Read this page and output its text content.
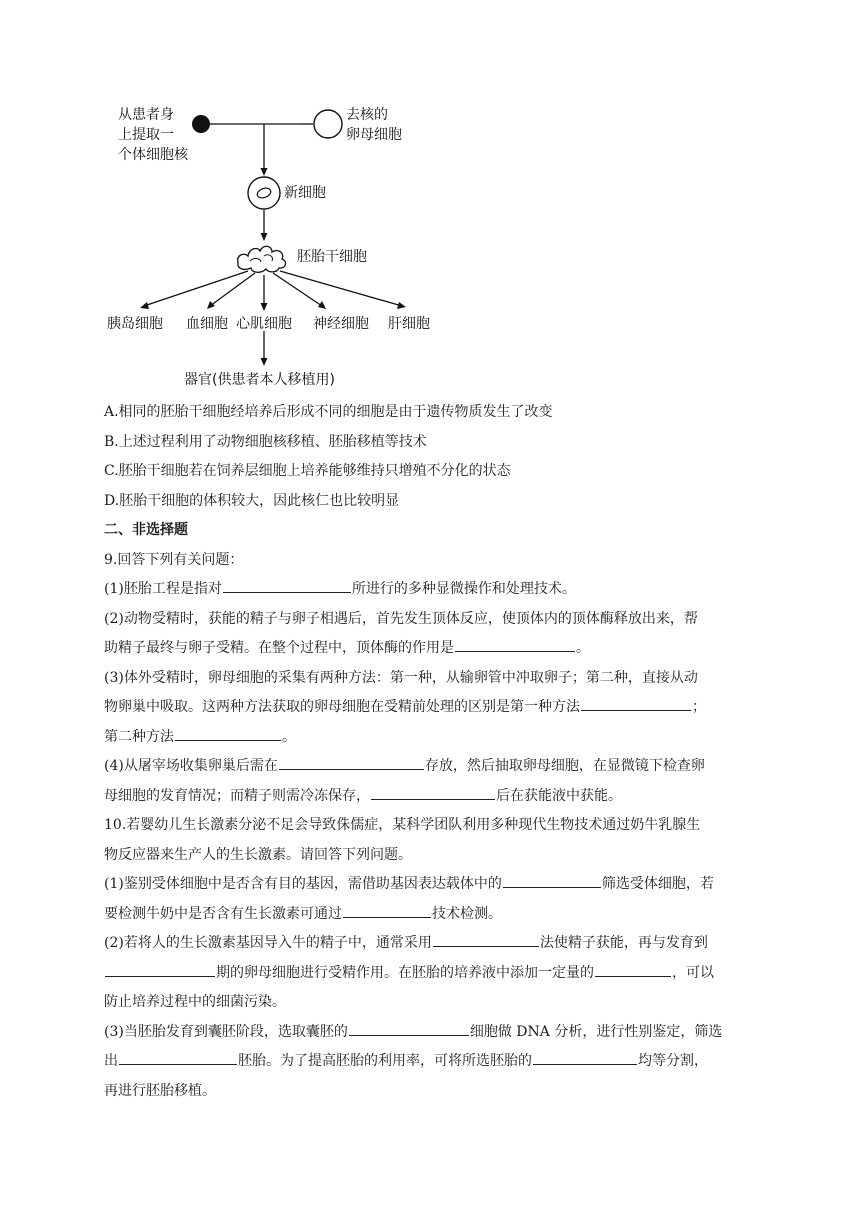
从患者身
上提取一
个体细胞核
去核的
卵母细胞
新细胞
胚胎干细胞
胰岛细胞 血细胞 心肌细胞 神经细胞 肝细胞
器官(供患者本人移植用)

A.相同的胚胎干细胞经培养后形成不同的细胞是由于遗传物质发生了改变

B.上述过程利用了动物细胞核移植、胚胎移植等技术

C.胚胎干细胞若在饲养层细胞上培养能够维持只增殖不分化的状态

D.胚胎干细胞的体积较大，因此核仁也比较明显

二、非选择题

9.回答下列有关问题：

(1)胚胎工程是指对	所进行的多种显微操作和处理技术。

(2)动物受精时，获能的精子与卵子相遇后，首先发生顶体反应，使顶体内的顶体酶释放出来，帮

助精子最终与卵子受精。在整个过程中，顶体酶的作用是	。

(3)体外受精时，卵母细胞的采集有两种方法：第一种，从输卵管中冲取卵子；第二种，直接从动

物卵巢中吸取。这两种方法获取的卵母细胞在受精前处理的区别是第一种方法	；

第二种方法	。

(4)从屠宰场收集卵巢后需在	存放，然后抽取卵母细胞，在显微镜下检查卵

母细胞的发育情况；而精子则需冷冻保存，	后在获能液中获能。

10.若婴幼儿生长激素分泌不足会导致侏儒症，某科学团队利用多种现代生物技术通过奶牛乳腺生

物反应器来生产人的生长激素。请回答下列问题。

(1)鉴别受体细胞中是否含有目的基因，需借助基因表达载体中的	筛选受体细胞，若

要检测牛奶中是否含有生长激素可通过	技术检测。

(2)若将人的生长激素基因导入牛的精子中，通常采用	法使精子获能，再与发育到

期的卵母细胞进行受精作用。在胚胎的培养液中添加一定量的	，可以

防止培养过程中的细菌污染。

(3)当胚胎发育到囊胚阶段，选取囊胚的	细胞做 DNA 分析，进行性别鉴定，筛选

出	胚胎。为了提高胚胎的利用率，可将所选胚胎的	均等分割，

再进行胚胎移植。
